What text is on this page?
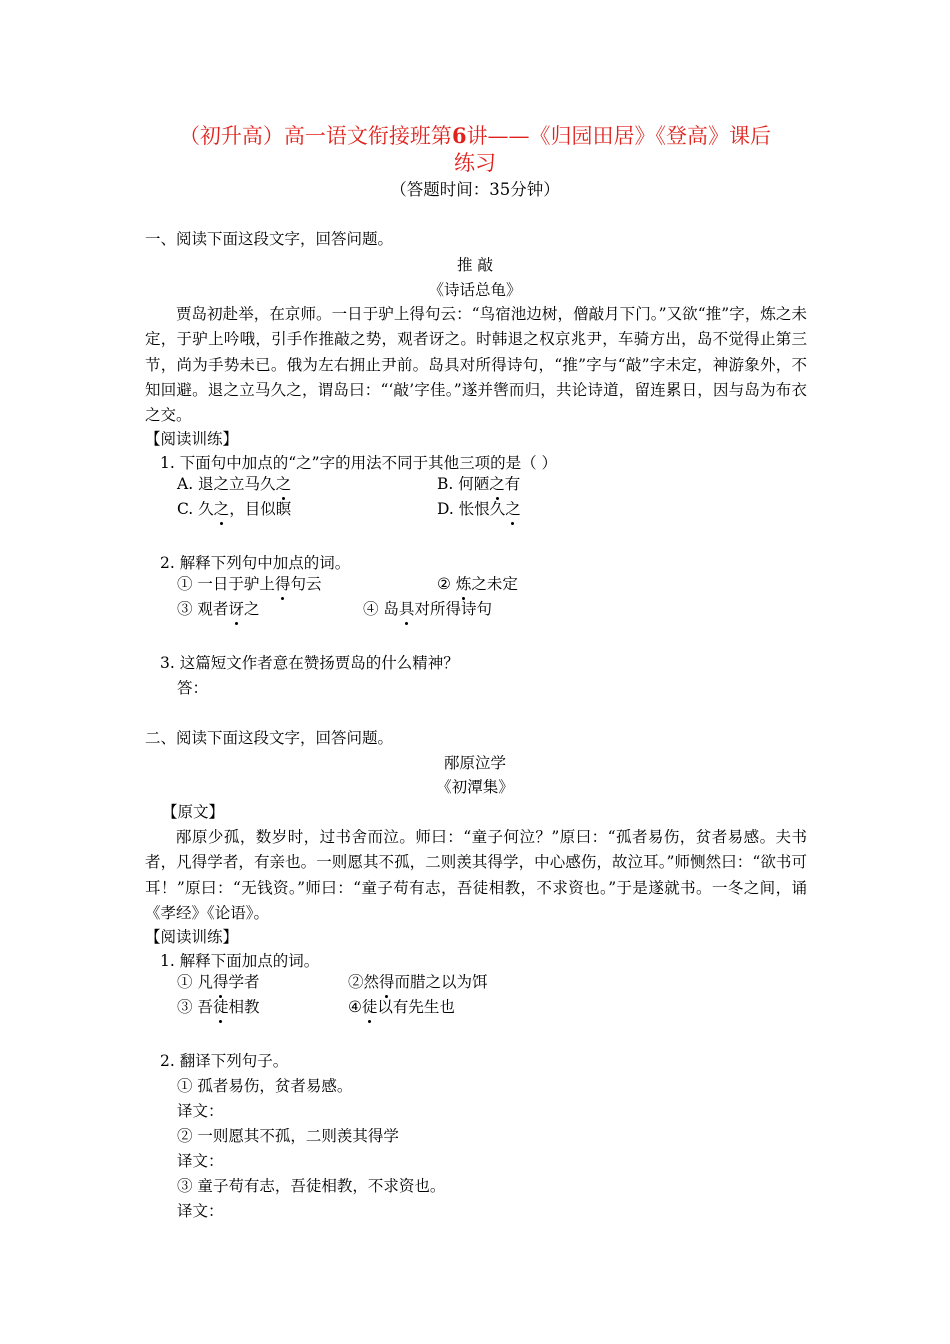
（初升高）高一语文衔接班第6讲——《归园田居》《登高》课后
练习
（答题时间：35分钟）
一、阅读下面这段文字，回答问题。
推 敲
《诗话总龟》
贾岛初赴举，在京师。一日于驴上得句云：“鸟宿池边树，僧敲月下门。”又欲“推”字，炼之未定，于驴上吟哦，引手作推敲之势，观者讶之。时韩退之权京兆尹，车骑方出，岛不觉得止第三节，尚为手势未已。俄为左右拥止尹前。岛具对所得诗句，“推”字与“敲”字未定，神游象外，不知回避。退之立马久之，谓岛曰：“‘敲’字佳。”遂并辔而归，共论诗道，留连累日，因与岛为布衣之交。
【阅读训练】
1. 下面句中加点的“之”字的用法不同于其他三项的是（ ）
A. 退之立马久之	B. 何陋之有
C. 久之，目似瞑	D. 怅恨久之
2. 解释下列句中加点的词。
① 一日于驴上得句云	② 炼之未定
③ 观者讶之	④ 岛具对所得诗句
3. 这篇短文作者意在赞扬贾岛的什么精神？
答：
二、阅读下面这段文字，回答问题。
邴原泣学
《初潭集》
【原文】
邴原少孤，数岁时，过书舍而泣。师曰：“童子何泣？”原曰：“孤者易伤，贫者易感。夫书者，凡得学者，有亲也。一则愿其不孤，二则羡其得学，中心感伤，故泣耳。”师恻然曰：“欲书可耳！”原曰：“无钱资。”师曰：“童子苟有志，吾徒相教，不求资也。”于是遂就书。一冬之间，诵《孝经》《论语》。
【阅读训练】
1. 解释下面加点的词。
① 凡得学者	②然得而腊之以为饵
③ 吾徒相教	④徒以有先生也
2. 翻译下列句子。
① 孤者易伤，贫者易感。
译文：
② 一则愿其不孤，二则羡其得学
译文：
③ 童子苟有志，吾徒相教，不求资也。
译文：
